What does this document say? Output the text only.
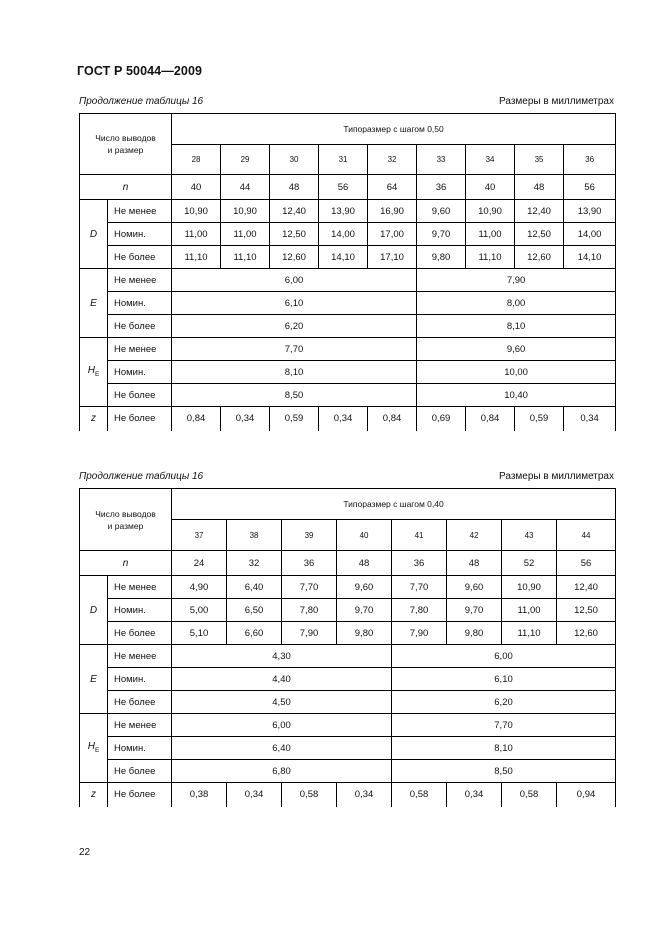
ГОСТ Р 50044—2009
Продолжение таблицы 16	Размеры в миллиметрах
Число выводов
и размер		Типоразмер с шагом 0,50								
		28	29	30	31	32	33	34	35	36
n		40	44	48	56	64	36	40	48	56
D	Не менее	10,90	10,90	12,40	13,90	16,90	9,60	10,90	12,40	13,90
	Номин.	11,00	11,00	12,50	14,00	17,00	9,70	11,00	12,50	14,00
	Не более	11,10	11,10	12,60	14,10	17,10	9,80	11,10	12,60	14,10
E	Не менее	6,00					7,90			
	Номин.	6,10					8,00			
	Не более	6,20					8,10			
$H_E$	Не менее	7,70					9,60			
	Номин.	8,10					10,00			
	Не более	8,50					10,40			
z	Не более	0,84	0,34	0,59	0,34	0,84	0,69	0,84	0,59	0,34
Продолжение таблицы 16	Размеры в миллиметрах
Число выводов
и размер		Типоразмер с шагом 0,40							
		37	38	39	40	41	42	43	44
n		24	32	36	48	36	48	52	56
D	Не менее	4,90	6,40	7,70	9,60	7,70	9,60	10,90	12,40
	Номин.	5,00	6,50	7,80	9,70	7,80	9,70	11,00	12,50
	Не более	5,10	6,60	7,90	9,80	7,90	9,80	11,10	12,60
E	Не менее	4,30				6,00			
	Номин.	4,40				6,10			
	Не более	4,50				6,20			
$H_E$	Не менее	6,00				7,70			
	Номин.	6,40				8,10			
	Не более	6,80				8,50			
z	Не более	0,38	0,34	0,58	0,34	0,58	0,34	0,58	0,94
22
